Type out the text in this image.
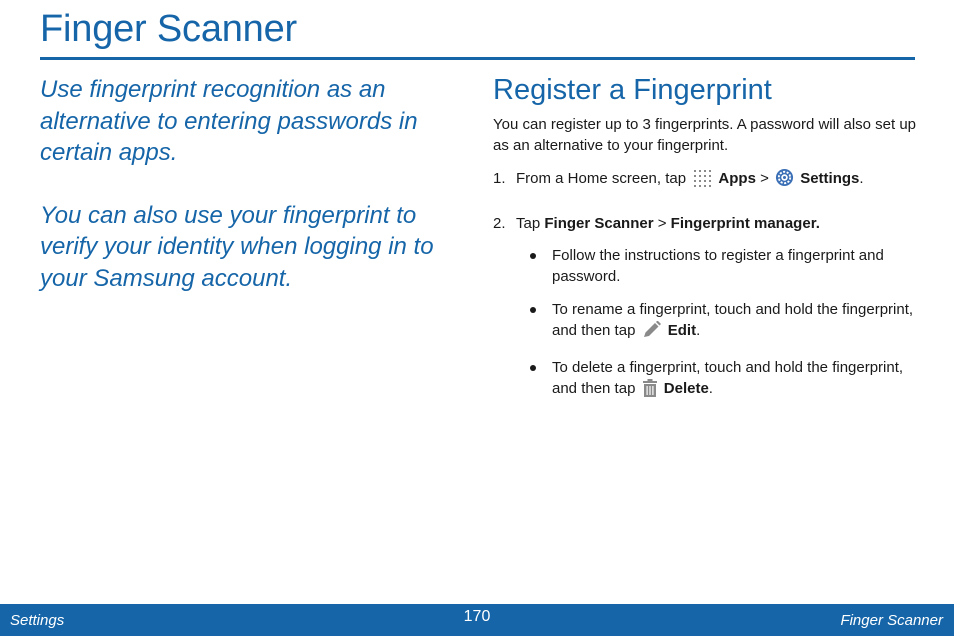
Finger Scanner

Use fingerprint recognition as an alternative to entering passwords in certain apps.

You can also use your fingerprint to verify your identity when logging in to your Samsung account.

Register a Fingerprint

You can register up to 3 fingerprints. A password will also set up as an alternative to your fingerprint.

1. From a Home screen, tap Apps > Settings.
2. Tap Finger Scanner > Fingerprint manager.
Follow the instructions to register a fingerprint and password.
To rename a fingerprint, touch and hold the fingerprint, and then tap Edit.
To delete a fingerprint, touch and hold the fingerprint, and then tap Delete.
Settings	170	Finger Scanner
